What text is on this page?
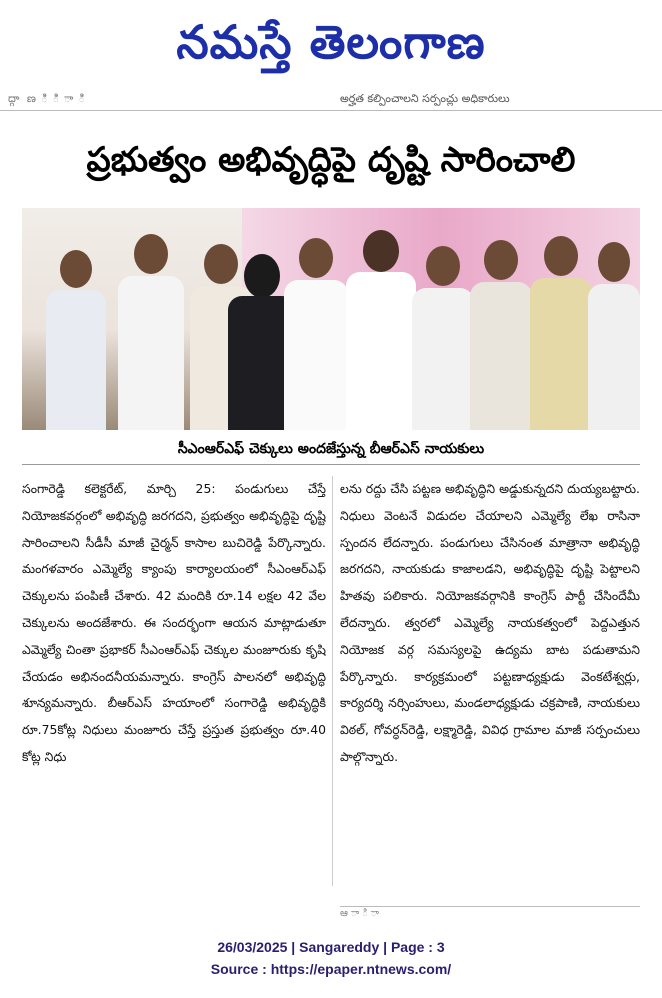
నమస్తే తెలంగాణ
ద్గా ణ ి ి ా ి	అర్హత కల్పించాలని సర్పంచ్లు అధికారులు
ప్రభుత్వం అభివృద్ధిపై దృష్టి సారించాలి
సీఎంఆర్‌ఎఫ్ చెక్కులు అందజేస్తున్న బీఆర్‌ఎస్ నాయకులు
సంగారెడ్డి కలెక్టరేట్, మార్చి 25: పండుగులు చేస్తే నియోజకవర్గంలో అభివృద్ధి జరగదని, ప్రభుత్వం అభివృద్ధిపై దృష్టి సారించాలని సీడీసీ మాజీ చైర్మన్ కాసాల బుచిరెడ్డి పేర్కొన్నారు. మంగళవారం ఎమ్మెల్యే క్యాంపు కార్యాలయంలో సీఎంఆర్‌ఎఫ్ చెక్కులను పంపిణీ చేశారు. 42 మందికి రూ.14 లక్షల 42 వేల చెక్కులను అందజేశారు. ఈ సందర్భంగా ఆయన మాట్లాడుతూ ఎమ్మెల్యే చింతా ప్రభాకర్ సీఎంఆర్‌ఎఫ్ చెక్కుల మంజూరుకు కృషి చేయడం అభినందనీయమన్నారు. కాంగ్రెస్ పాలనలో అభివృద్ధి శూన్యమన్నారు. బీఆర్‌ఎస్ హయాంలో సంగారెడ్డి అభివృద్ధికి రూ.75కోట్ల నిధులు మంజూరు చేస్తే ప్రస్తుత ప్రభుత్వం రూ.40 కోట్ల నిధు
లను రద్దు చేసి పట్టణ అభివృద్ధిని అడ్డుకున్నదని దుయ్యబట్టారు. నిధులు వెంటనే విడుదల చేయాలని ఎమ్మెల్యే లేఖ రాసినా స్పందన లేదన్నారు. పండుగులు చేసినంత మాత్రానా అభివృద్ధి జరగదని, నాయకుడు కాజాలడని, అభివృద్ధిపై దృష్టి పెట్టాలని హితవు పలికారు. నియోజకవర్గానికి కాంగ్రెస్ పార్టీ చేసిందేమీ లేదన్నారు. త్వరలో ఎమ్మెల్యే నాయకత్వంలో పెద్దఎత్తున నియోజక వర్గ సమస్యలపై ఉద్యమ బాట పడుతామని పేర్కొన్నారు. కార్యక్రమంలో పట్టణాధ్యక్షుడు వెంకటేశ్వర్లు, కార్యదర్శి నర్సింహులు, మండలాధ్యక్షుడు చక్రపాణి, నాయకులు విఠల్, గోవర్ధన్‌రెడ్డి, లక్ష్మారెడ్డి, వివిధ గ్రామాల మాజీ సర్పంచులు పాల్గొన్నారు.
ఆ ా ి ా
26/03/2025 | Sangareddy | Page : 3
Source : https://epaper.ntnews.com/
